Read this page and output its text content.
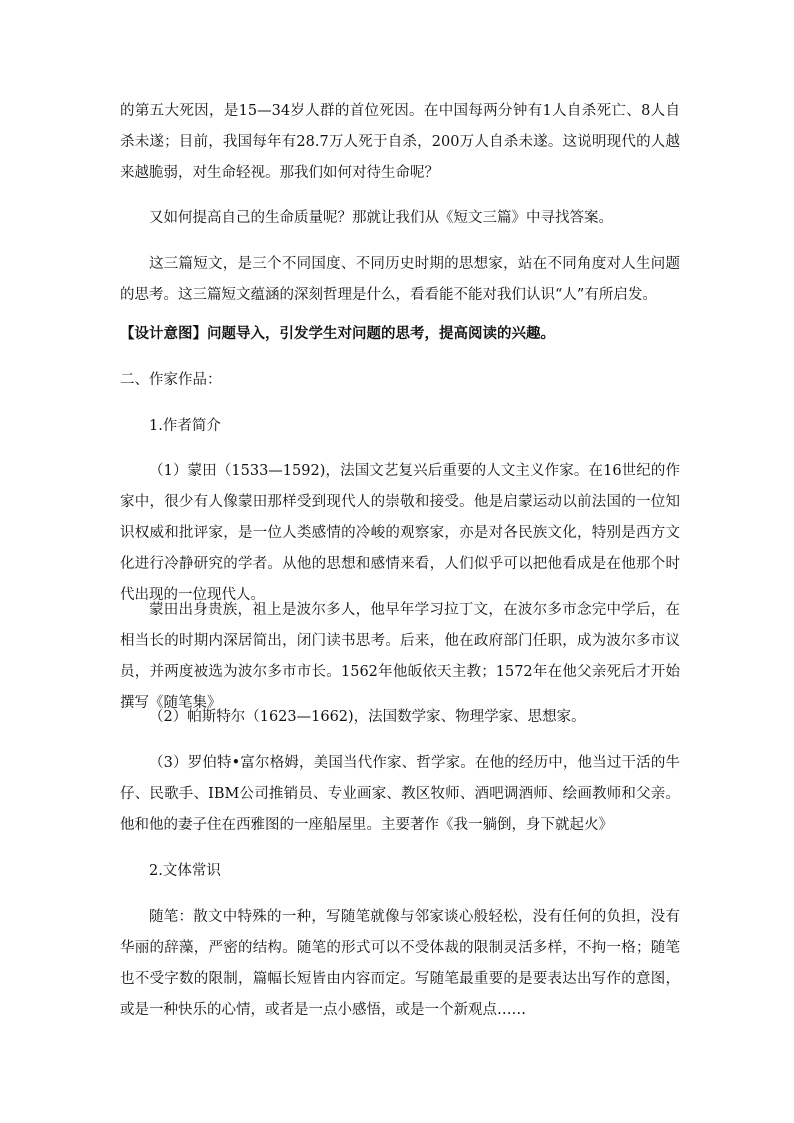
的第五大死因，是15—34岁人群的首位死因。在中国每两分钟有1人自杀死亡、8人自杀未遂；目前，我国每年有28.7万人死于自杀，200万人自杀未遂。这说明现代的人越来越脆弱，对生命轻视。那我们如何对待生命呢？

又如何提高自己的生命质量呢？那就让我们从《短文三篇》中寻找答案。

这三篇短文，是三个不同国度、不同历史时期的思想家，站在不同角度对人生问题的思考。这三篇短文蕴涵的深刻哲理是什么，看看能不能对我们认识“人”有所启发。

【设计意图】问题导入，引发学生对问题的思考，提高阅读的兴趣。

二、作家作品：

1.作者简介

（1）蒙田（1533—1592)，法国文艺复兴后重要的人文主义作家。在16世纪的作家中，很少有人像蒙田那样受到现代人的崇敬和接受。他是启蒙运动以前法国的一位知识权威和批评家，是一位人类感情的冷峻的观察家，亦是对各民族文化，特别是西方文化进行冷静研究的学者。从他的思想和感情来看，人们似乎可以把他看成是在他那个时代出现的一位现代人。

蒙田出身贵族，祖上是波尔多人，他早年学习拉丁文，在波尔多市念完中学后，在相当长的时期内深居简出，闭门读书思考。后来，他在政府部门任职，成为波尔多市议员，并两度被选为波尔多市市长。1562年他皈依天主教；1572年在他父亲死后才开始撰写《随笔集》

（2）帕斯特尔（1623—1662)，法国数学家、物理学家、思想家。

（3）罗伯特•富尔格姆，美国当代作家、哲学家。在他的经历中，他当过干活的牛仔、民歌手、IBM公司推销员、专业画家、教区牧师、酒吧调酒师、绘画教师和父亲。他和他的妻子住在西雅图的一座船屋里。主要著作《我一躺倒，身下就起火》

2.文体常识

随笔：散文中特殊的一种，写随笔就像与邻家谈心般轻松，没有任何的负担，没有华丽的辞藻，严密的结构。随笔的形式可以不受体裁的限制灵活多样，不拘一格；随笔也不受字数的限制，篇幅长短皆由内容而定。写随笔最重要的是要表达出写作的意图，或是一种快乐的心情，或者是一点小感悟，或是一个新观点……
